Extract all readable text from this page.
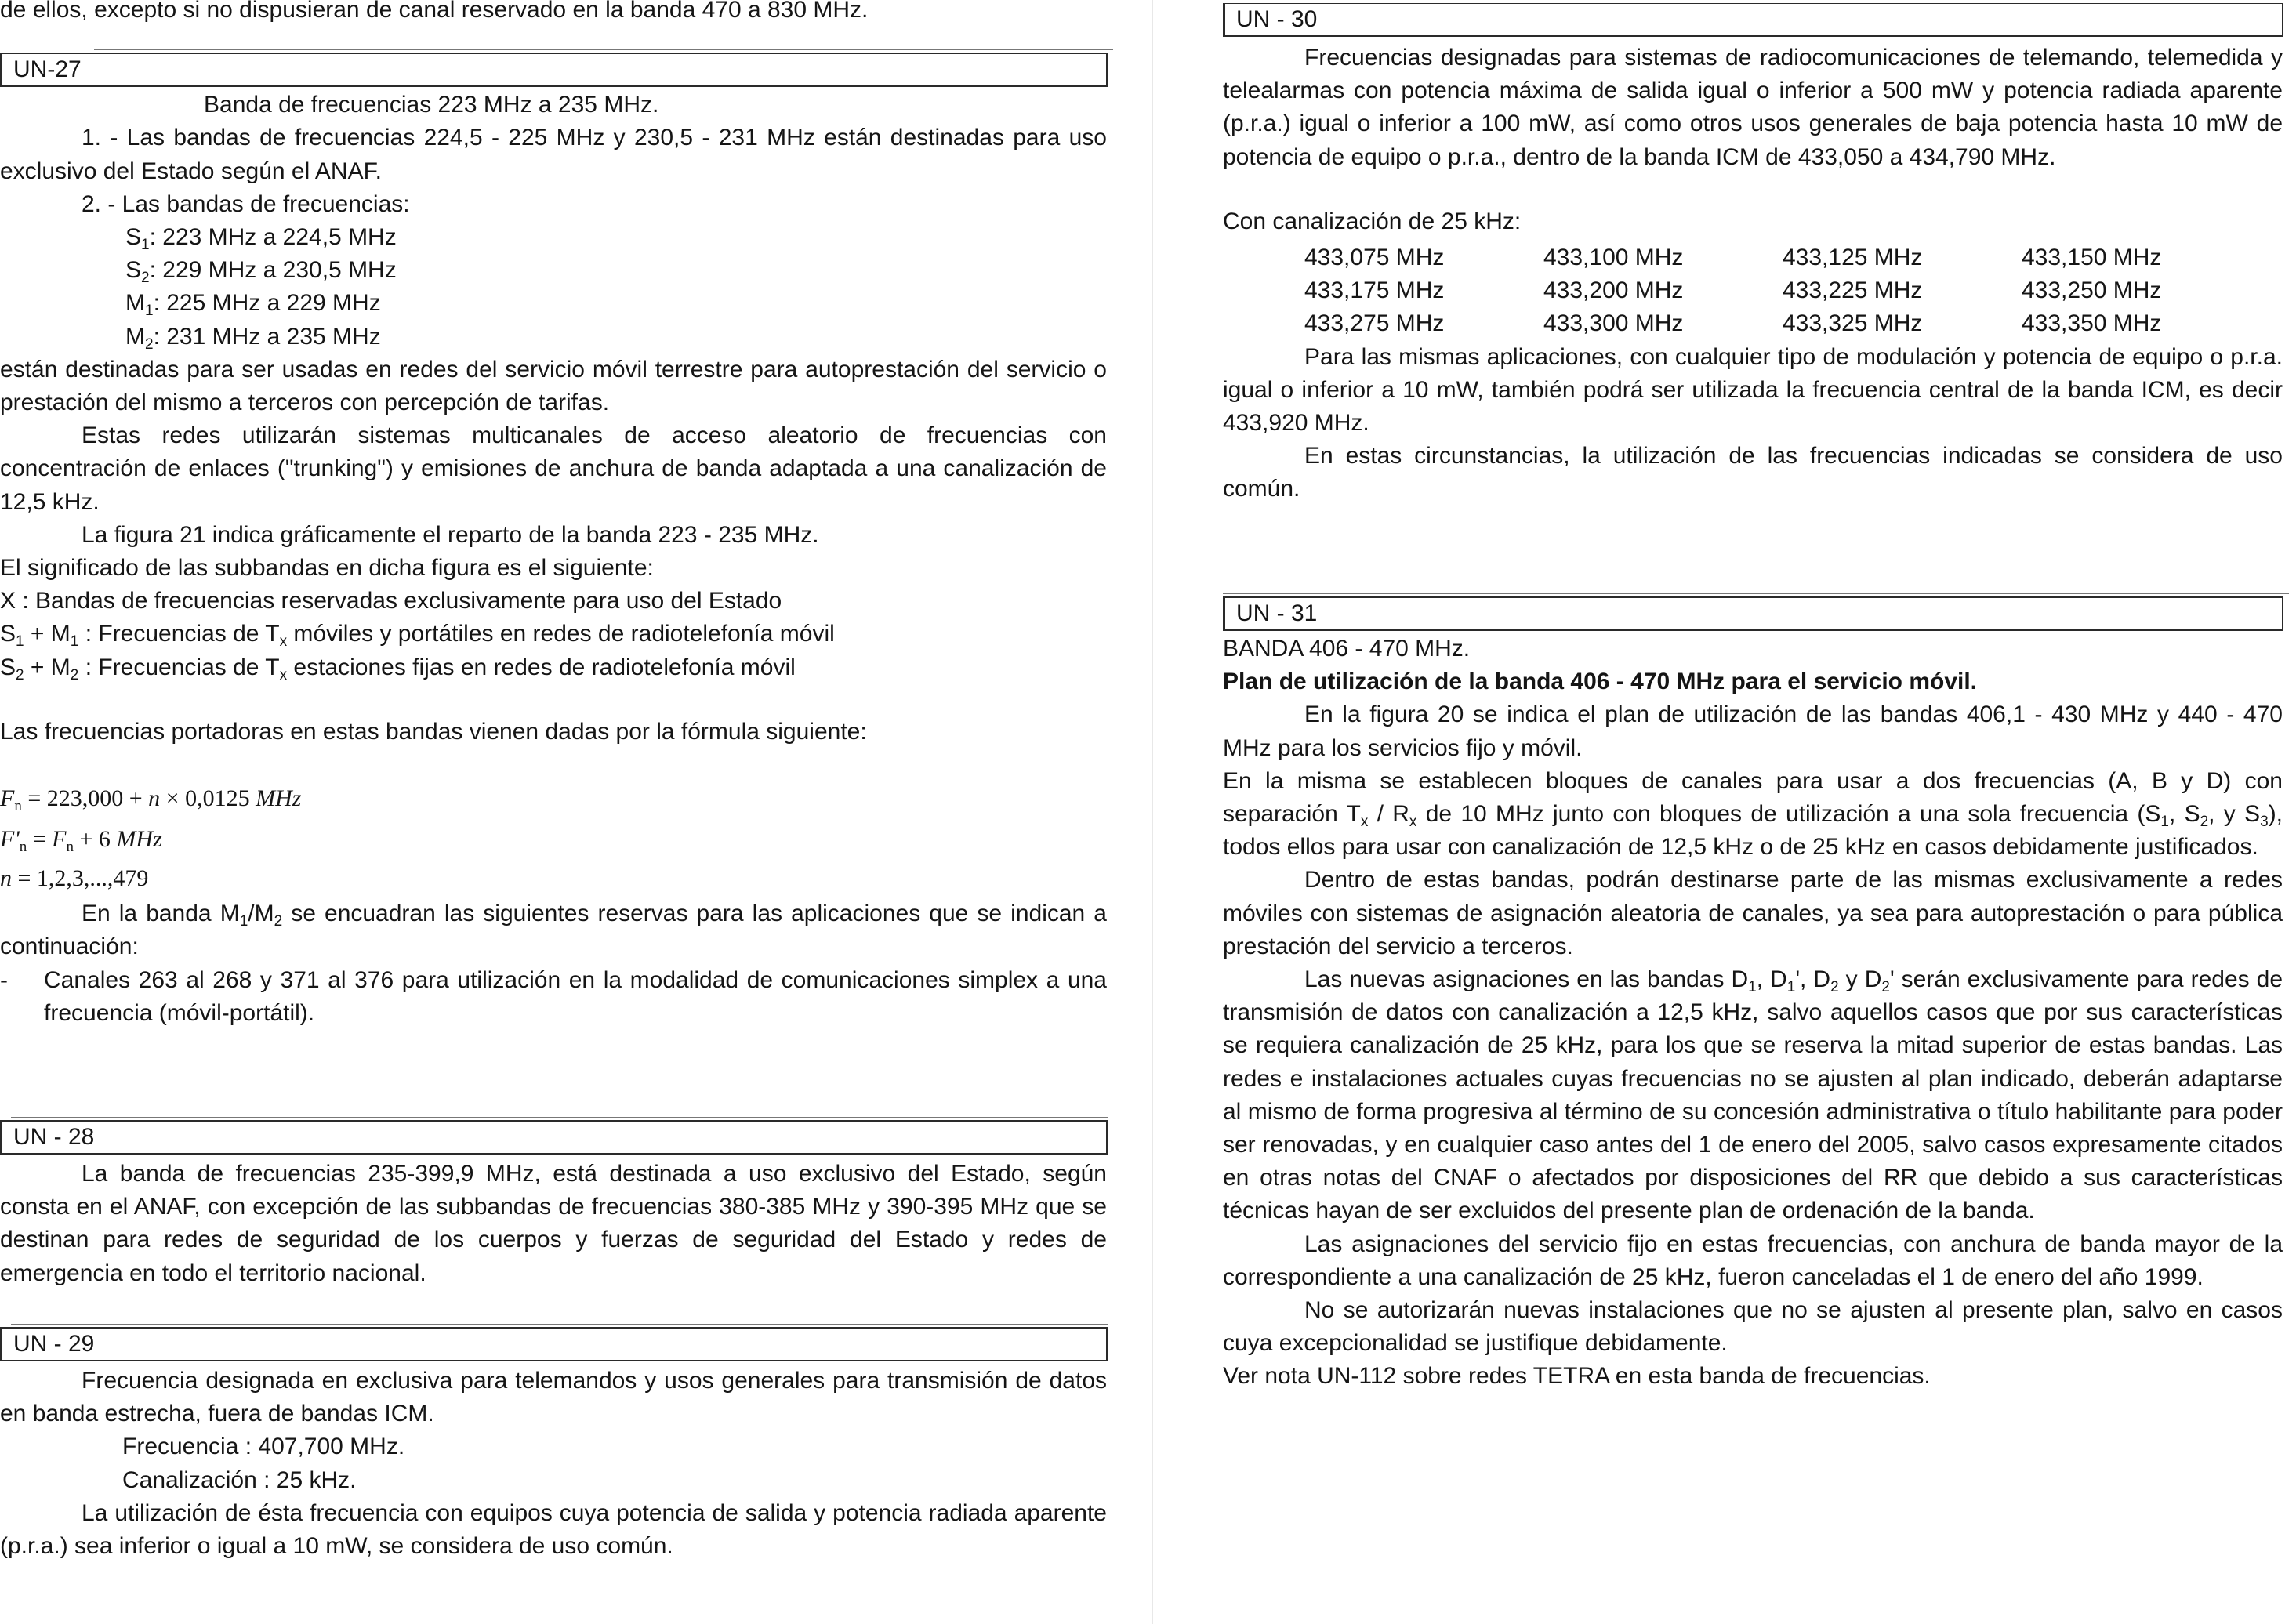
de ellos, excepto si no dispusieran de canal reservado en la banda 470 a 830 MHz.

UN-27

Banda de frecuencias 223 MHz a 235 MHz.

1. - Las bandas de frecuencias 224,5 - 225 MHz y 230,5 - 231 MHz están destinadas para uso exclusivo del Estado según el ANAF.

2. - Las bandas de frecuencias:

$S_1$: 223 MHz a 224,5 MHz
$S_2$: 229 MHz a 230,5 MHz
$M_1$: 225 MHz a 229 MHz
$M_2$: 231 MHz a 235 MHz

están destinadas para ser usadas en redes del servicio móvil terrestre para autoprestación del servicio o prestación del mismo a terceros con percepción de tarifas.

Estas redes utilizarán sistemas multicanales de acceso aleatorio de frecuencias con concentración de enlaces ("trunking") y emisiones de anchura de banda adaptada a una canalización de 12,5 kHz.

La figura 21 indica gráficamente el reparto de la banda 223 - 235 MHz.

El significado de las subbandas en dicha figura es el siguiente:

X : Bandas de frecuencias reservadas exclusivamente para uso del Estado

$S_1 + M_1$ : Frecuencias de $T_x$ móviles y portátiles en redes de radiotelefonía móvil

$S_2 + M_2$ : Frecuencias de $T_x$ estaciones fijas en redes de radiotelefonía móvil

Las frecuencias portadoras en estas bandas vienen dadas por la fórmula siguiente:

$F_n = 223,000 + n \times 0,0125$ MHz

$F'_n = F_n + 6$ MHz

n = 1,2,3,...,479

En la banda $M_1/M_2$ se encuadran las siguientes reservas para las aplicaciones que se indican a continuación:

-	Canales 263 al 268 y 371 al 376 para utilización en la modalidad de comunicaciones simplex a una frecuencia (móvil-portátil).
UN - 28

La banda de frecuencias 235-399,9 MHz, está destinada a uso exclusivo del Estado, según consta en el ANAF, con excepción de las subbandas de frecuencias 380-385 MHz y 390-395 MHz que se destinan para redes de seguridad de los cuerpos y fuerzas de seguridad del Estado y redes de emergencia en todo el territorio nacional.

UN - 29

Frecuencia designada en exclusiva para telemandos y usos generales para transmisión de datos en banda estrecha, fuera de bandas ICM.

Frecuencia : 407,700 MHz.

Canalización : 25 kHz.

La utilización de ésta frecuencia con equipos cuya potencia de salida y potencia radiada aparente (p.r.a.) sea inferior o igual a 10 mW, se considera de uso común.

UN - 30

Frecuencias designadas para sistemas de radiocomunicaciones de telemando, telemedida y telealarmas con potencia máxima de salida igual o inferior a 500 mW y potencia radiada aparente (p.r.a.) igual o inferior a 100 mW, así como otros usos generales de baja potencia hasta 10 mW de potencia de equipo o p.r.a., dentro de la banda ICM de 433,050 a 434,790 MHz.

Con canalización de 25 kHz:

433,075 MHz	433,100 MHz	433,125 MHz	433,150 MHz
433,175 MHz	433,200 MHz	433,225 MHz	433,250 MHz
433,275 MHz	433,300 MHz	433,325 MHz	433,350 MHz

Para las mismas aplicaciones, con cualquier tipo de modulación y potencia de equipo o p.r.a. igual o inferior a 10 mW, también podrá ser utilizada la frecuencia central de la banda ICM, es decir 433,920 MHz.

En estas circunstancias, la utilización de las frecuencias indicadas se considera de uso común.

UN - 31

BANDA 406 - 470 MHz.

Plan de utilización de la banda 406 - 470 MHz para el servicio móvil.

En la figura 20 se indica el plan de utilización de las bandas 406,1 - 430 MHz y 440 - 470 MHz para los servicios fijo y móvil.

En la misma se establecen bloques de canales para usar a dos frecuencias (A, B y D) con separación $T_x / R_x$ de 10 MHz junto con bloques de utilización a una sola frecuencia ($S_1$, $S_2$, y $S_3$), todos ellos para usar con canalización de 12,5 kHz o de 25 kHz en casos debidamente justificados.

Dentro de estas bandas, podrán destinarse parte de las mismas exclusivamente a redes móviles con sistemas de asignación aleatoria de canales, ya sea para autoprestación o para pública prestación del servicio a terceros.

Las nuevas asignaciones en las bandas $D_1$, $D_1'$, $D_2$ y $D_2'$ serán exclusivamente para redes de transmisión de datos con canalización a 12,5 kHz, salvo aquellos casos que por sus características se requiera canalización de 25 kHz, para los que se reserva la mitad superior de estas bandas. Las redes e instalaciones actuales cuyas frecuencias no se ajusten al plan indicado, deberán adaptarse al mismo de forma progresiva al término de su concesión administrativa o título habilitante para poder ser renovadas, y en cualquier caso antes del 1 de enero del 2005, salvo casos expresamente citados en otras notas del CNAF o afectados por disposiciones del RR que debido a sus características técnicas hayan de ser excluidos del presente plan de ordenación de la banda.

Las asignaciones del servicio fijo en estas frecuencias, con anchura de banda mayor de la correspondiente a una canalización de 25 kHz, fueron canceladas el 1 de enero del año 1999.

No se autorizarán nuevas instalaciones que no se ajusten al presente plan, salvo en casos cuya excepcionalidad se justifique debidamente.

Ver nota UN-112 sobre redes TETRA en esta banda de frecuencias.
